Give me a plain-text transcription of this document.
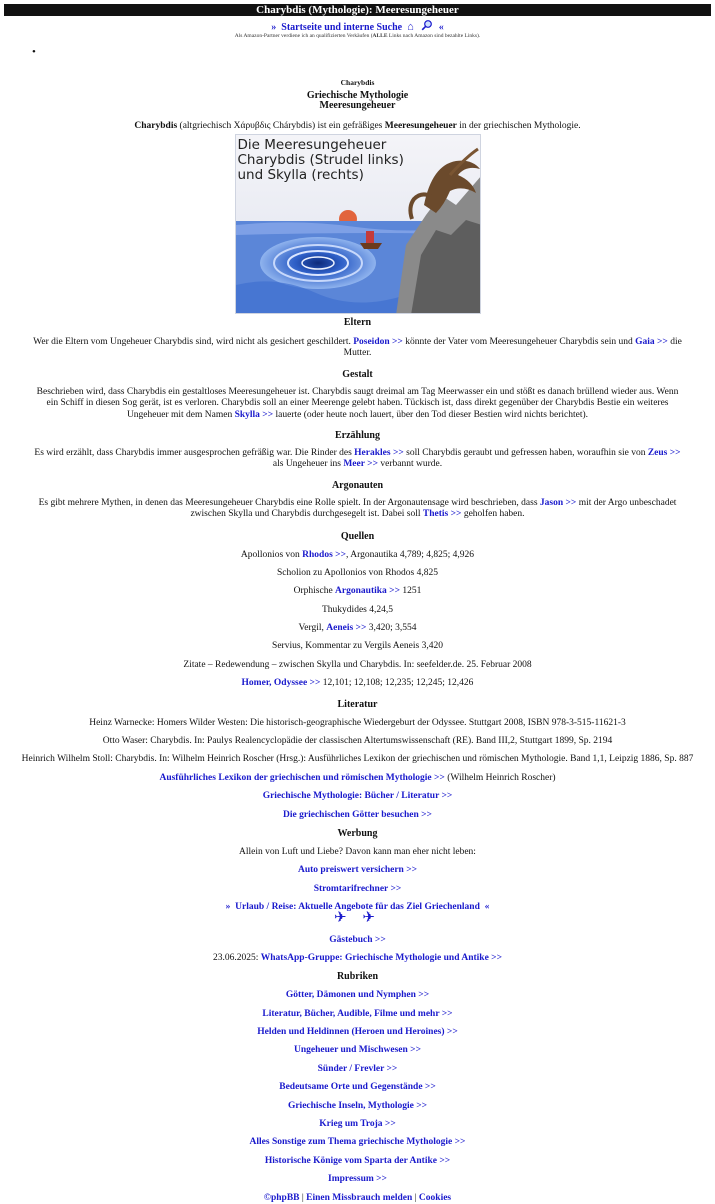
Charybdis (Mythologie): Meeresungeheuer
» Startseite und interne Suche ⌂	«
Als Amazon-Partner verdiene ich an qualifizierten Verkäufen (ALLE Links nach Amazon sind bezahlte Links).
•
Charybdis
Griechische Mythologie
Meeresungeheuer
Charybdis (altgriechisch Χάρυβδις Chárybdis) ist ein gefräßiges Meeresungeheuer in der griechischen Mythologie.
Die Meeresungeheuer
Charybdis (Strudel links)
und Skylla (rechts)
Eltern
Wer die Eltern vom Ungeheuer Charybdis sind, wird nicht als gesichert geschildert. Poseidon >> könnte der Vater vom Meeresungeheuer Charybdis sein und Gaia >> die Mutter.
Gestalt
Beschrieben wird, dass Charybdis ein gestaltloses Meeresungeheuer ist. Charybdis saugt dreimal am Tag Meerwasser ein und stößt es danach brüllend wieder aus. Wenn ein Schiff in diesen Sog gerät, ist es verloren. Charybdis soll an einer Meerenge gelebt haben. Tückisch ist, dass direkt gegenüber der Charybdis Bestie ein weiteres Ungeheuer mit dem Namen Skylla >> lauerte (oder heute noch lauert, über den Tod dieser Bestien wird nichts berichtet).
Erzählung
Es wird erzählt, dass Charybdis immer ausgesprochen gefräßig war. Die Rinder des Herakles >> soll Charybdis geraubt und gefressen haben, woraufhin sie von Zeus >> als Ungeheuer ins Meer >> verbannt wurde.
Argonauten
Es gibt mehrere Mythen, in denen das Meeresungeheuer Charybdis eine Rolle spielt. In der Argonautensage wird beschrieben, dass Jason >> mit der Argo unbeschadet zwischen Skylla und Charybdis durchgesegelt ist. Dabei soll Thetis >> geholfen haben.
Quellen
Apollonios von Rhodos >>, Argonautika 4,789; 4,825; 4,926
Scholion zu Apollonios von Rhodos 4,825
Orphische Argonautika >> 1251
Thukydides 4,24,5
Vergil, Aeneis >> 3,420; 3,554
Servius, Kommentar zu Vergils Aeneis 3,420
Zitate – Redewendung – zwischen Skylla und Charybdis. In: seefelder.de. 25. Februar 2008
Homer, Odyssee >> 12,101; 12,108; 12,235; 12,245; 12,426
Literatur
Heinz Warnecke: Homers Wilder Westen: Die historisch-geographische Wiedergeburt der Odyssee. Stuttgart 2008, ISBN 978-3-515-11621-3
Otto Waser: Charybdis. In: Paulys Realencyclopädie der classischen Altertumswissenschaft (RE). Band III,2, Stuttgart 1899, Sp. 2194
Heinrich Wilhelm Stoll: Charybdis. In: Wilhelm Heinrich Roscher (Hrsg.): Ausführliches Lexikon der griechischen und römischen Mythologie. Band 1,1, Leipzig 1886, Sp. 887
Ausführliches Lexikon der griechischen und römischen Mythologie >> (Wilhelm Heinrich Roscher)
Griechische Mythologie: Bücher / Literatur >>
Die griechischen Götter besuchen >>
Werbung
Allein von Luft und Liebe? Davon kann man eher nicht leben:
Auto preiswert versichern >>
Stromtarifrechner >>
» Urlaub / Reise: Aktuelle Angebote für das Ziel Griechenland «
✈ ✈
Gästebuch >>
23.06.2025: WhatsApp-Gruppe: Griechische Mythologie und Antike >>
Rubriken
Götter, Dämonen und Nymphen >>
Literatur, Bücher, Audible, Filme und mehr >>
Helden und Heldinnen (Heroen und Heroines) >>
Ungeheuer und Mischwesen >>
Sünder / Frevler >>
Bedeutsame Orte und Gegenstände >>
Griechische Inseln, Mythologie >>
Krieg um Troja >>
Alles Sonstige zum Thema griechische Mythologie >>
Historische Könige vom Sparta der Antike >>
Impressum >>
©phpBB | Einen Missbrauch melden | Cookies
